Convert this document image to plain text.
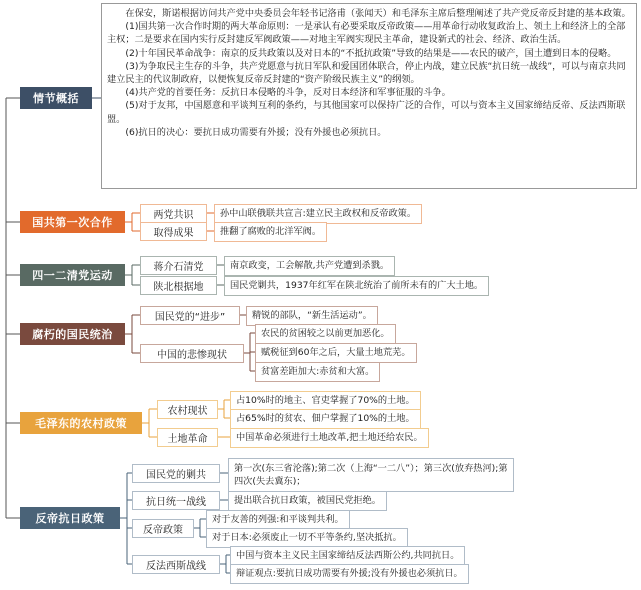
在保安，斯诺根据访问共产党中央委员会年轻书记洛甫（张闻天）和毛泽东主席后整理阐述了共产党反帝反封建的基本政策。

(1)国共第一次合作时期的两大革命原则：一是承认有必要采取反帝政策——用革命行动收复政治上、领土上和经济上的全部主权；二是要求在国内实行反封建反军阀政策——对地主军阀实现民主革命，建设新式的社会、经济、政治生活。

(2)十年国民革命战争：南京的反共政策以及对日本的“不抵抗政策”导致的结果是——农民的破产，国土遭到日本的侵略。

(3)为争取民主生存的斗争，共产党愿意与抗日军队和爱国团体联合，停止内战，建立民族“抗日统一战线”，可以与南京共同建立民主的代议制政府，以便恢复反帝反封建的“资产阶级民族主义”的纲领。

(4)共产党的首要任务：反抗日本侵略的斗争，反对日本经济和军事征服的斗争。

(5)对于友邦，中国愿意和平谈判互利的条约，与其他国家可以保持广泛的合作，可以与资本主义国家缔结反帝、反法西斯联盟。

(6)抗日的决心：要抗日成功需要有外援；没有外援也必须抗日。

情节概括
国共第一次合作
四一二清党运动
腐朽的国民统治
毛泽东的农村政策
反帝抗日政策
两党共识	孙中山联俄联共宣言:建立民主政权和反帝政策。
取得成果	推翻了腐败的北洋军阀。
蒋介石清党	南京政变，工会解散,共产党遭到杀戮。
陕北根据地	国民党剿共，1937年红军在陕北统治了前所未有的广大土地。
国民党的“进步”	精锐的部队，“新生活运动”。
中国的悲惨现状
农民的贫困较之以前更加恶化。
赋税征到60年之后，大量土地荒芜。
贫富差距加大:赤贫和大富。
农村现状
占10%时的地主、官吏掌握了70%的土地。
占65%时的贫农、佃户掌握了10%的土地。
土地革命	中国革命必须进行土地改革,把土地还给农民。
国民党的剿共
第一次(东三省沦落);第二次（上海“一二八”）；第三次(放弃热河);第四次(失去冀东)；
抗日统一战线	提出联合抗日政策，被国民党拒绝。
反帝政策
对于友善的列强:和平谈判共利。
对于日本:必须废止一切不平等条约,坚决抵抗。
反法西斯战线
中国与资本主义民主国家缔结反法西斯公约,共同抗日。
辩证观点:要抗日成功需要有外援;没有外援也必须抗日。
